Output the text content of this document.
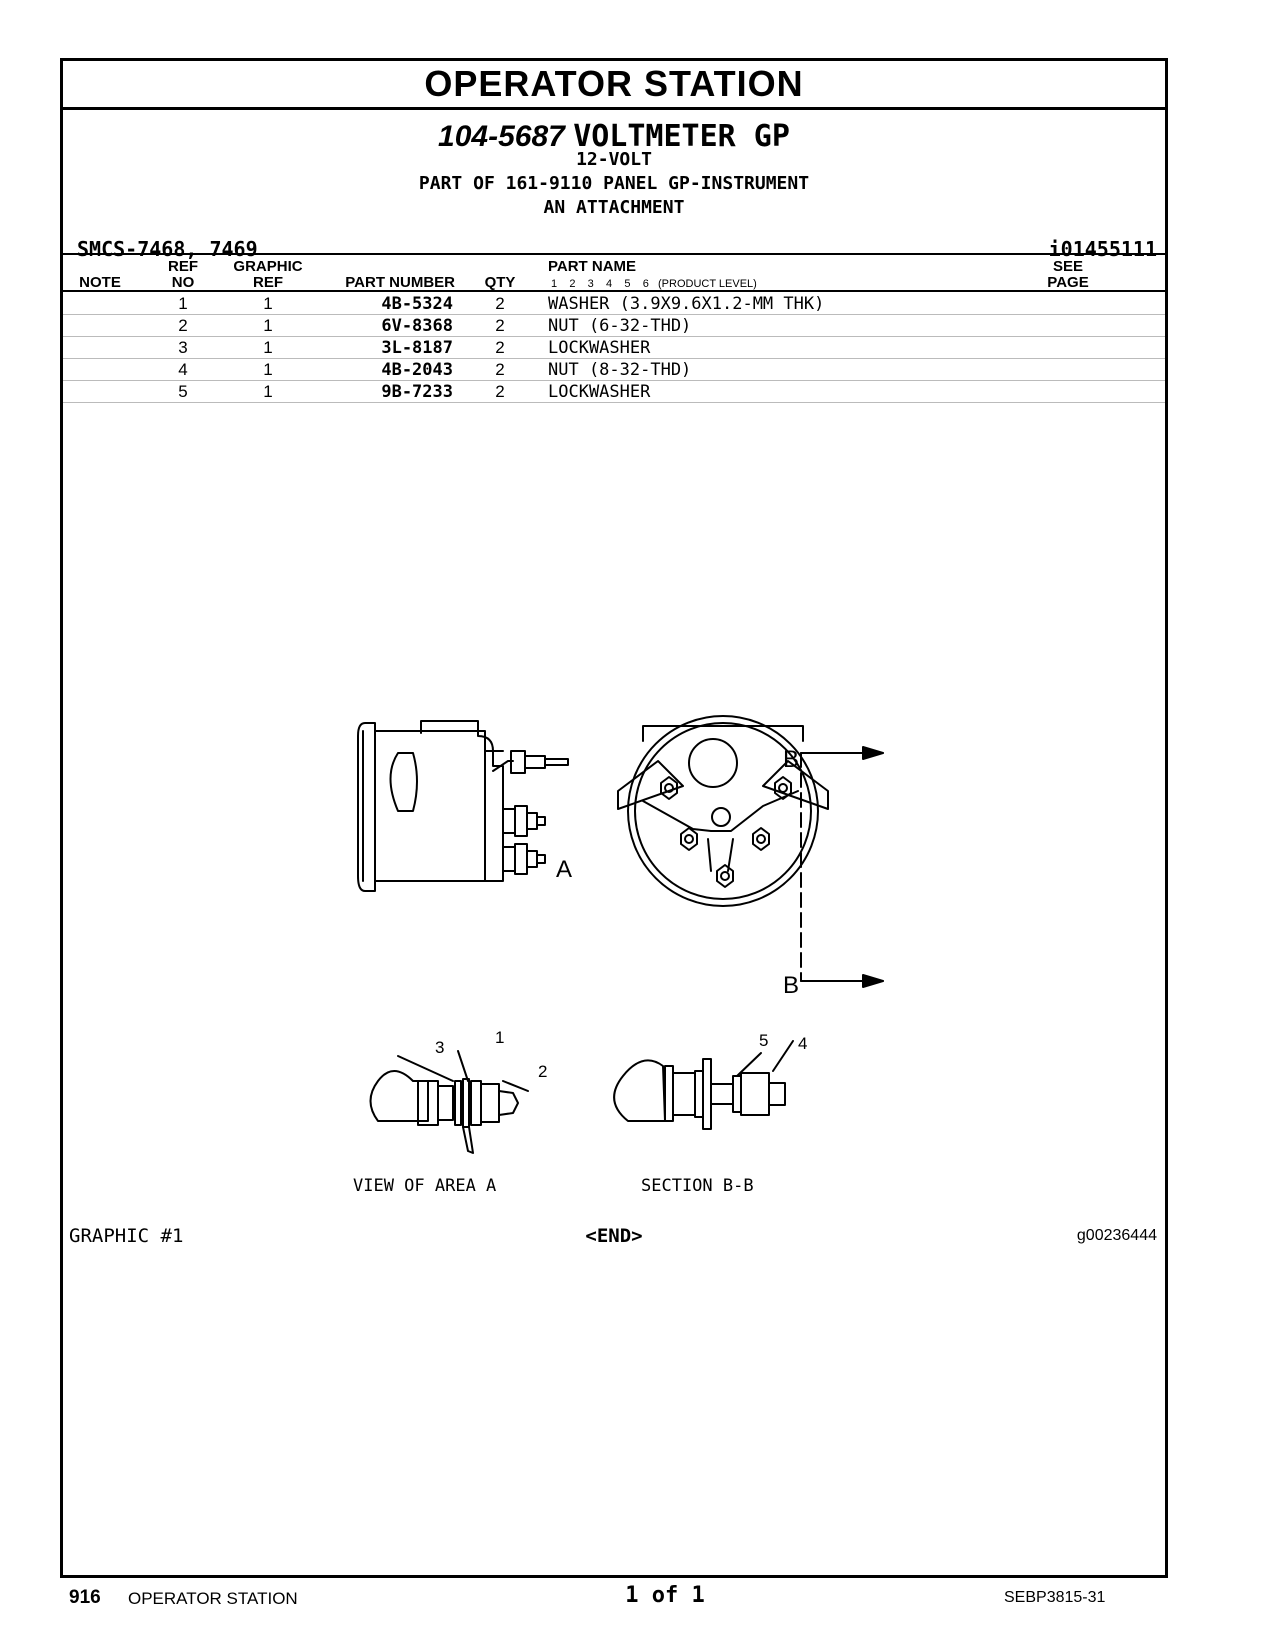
OPERATOR STATION
104-5687 VOLTMETER GP
12-VOLT
PART OF 161-9110 PANEL GP-INSTRUMENT
AN ATTACHMENT
SMCS-7468, 7469	i01455111
NOTE
REF
NO
GRAPHIC
REF	PART NUMBER	QTY
PART NAME
1    2    3    4    5    6   (PRODUCT LEVEL)
SEE
PAGE
1	1	4B-5324	2	WASHER (3.9X9.6X1.2-MM THK)
2	1	6V-8368	2	NUT (6-32-THD)
3	1	3L-8187	2	LOCKWASHER
4	1	4B-2043	2	NUT (8-32-THD)
5	1	9B-7233	2	LOCKWASHER
A
B
B
1
2
3	4
5
VIEW OF AREA A	SECTION B-B
GRAPHIC #1	<END>	g00236444
916 OPERATOR STATION	1 of 1	SEBP3815-31
